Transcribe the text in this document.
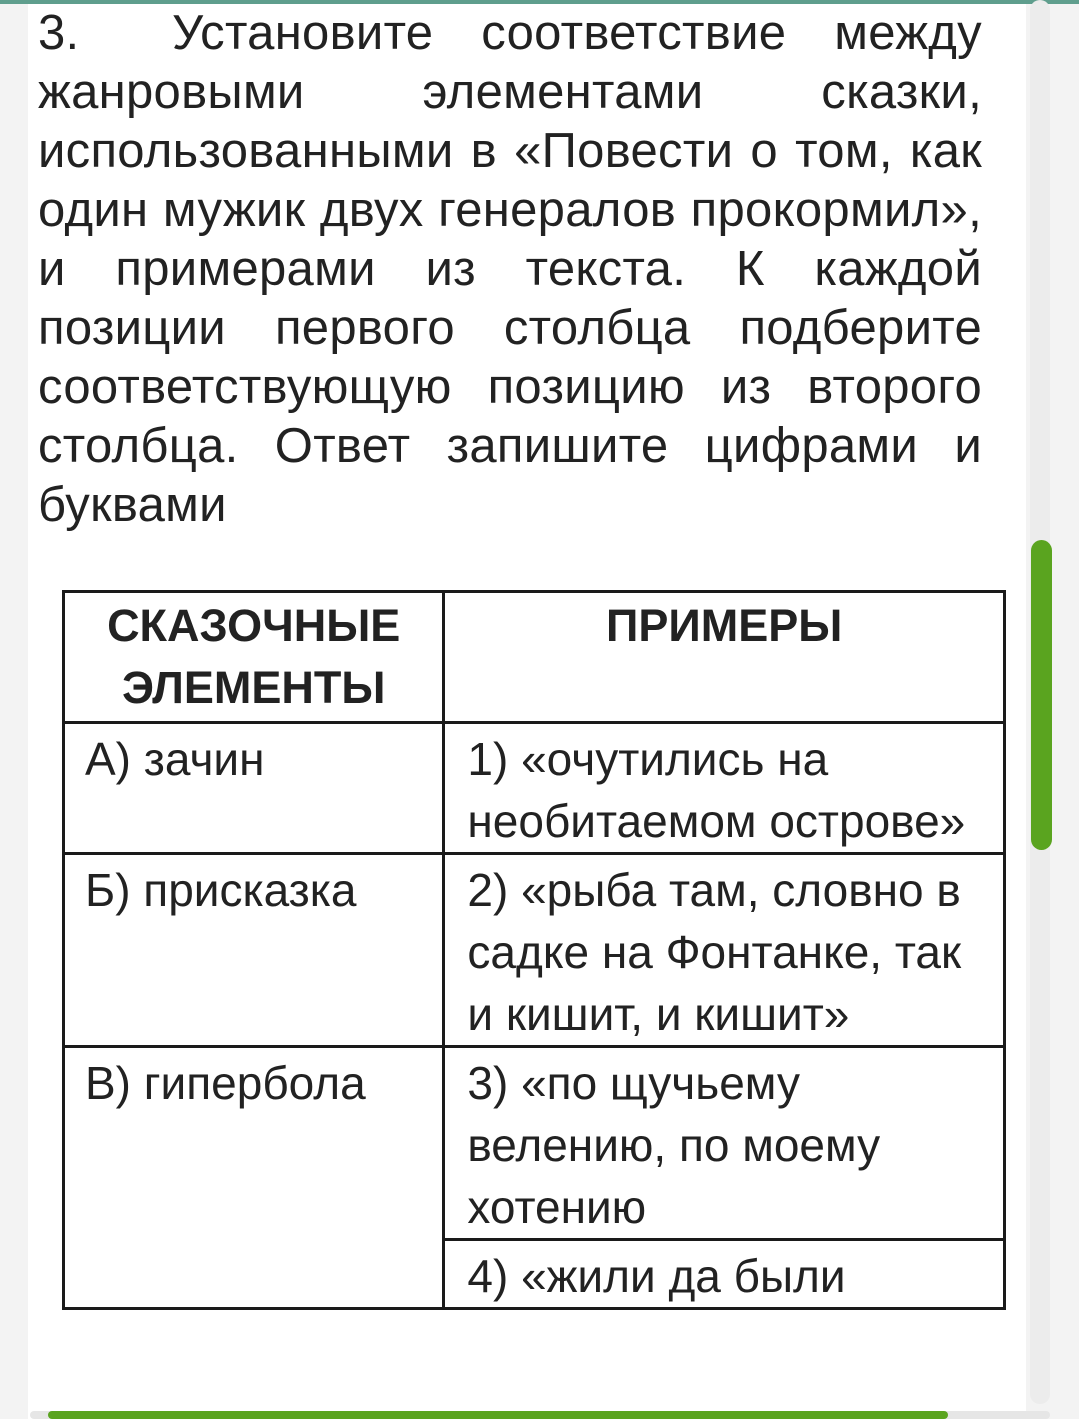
3. Установите соответствие между жанровыми элементами сказки, использованными в «Повести о том, как один мужик двух генералов прокормил», и примерами из текста. К каждой позиции первого столбца подберите соответствующую позицию из второго столбца. Ответ запишите цифрами и буквами

СКАЗОЧНЫЕ ЭЛЕМЕНТЫ	ПРИМЕРЫ
А) зачин	1) «очутились на необитаемом острове»
Б) присказка	2) «рыба там, словно в садке на Фонтанке, так и кишит, и кишит»
В) гипербола	3) «по щучьему велению, по моему хотению
	4) «жили да были
